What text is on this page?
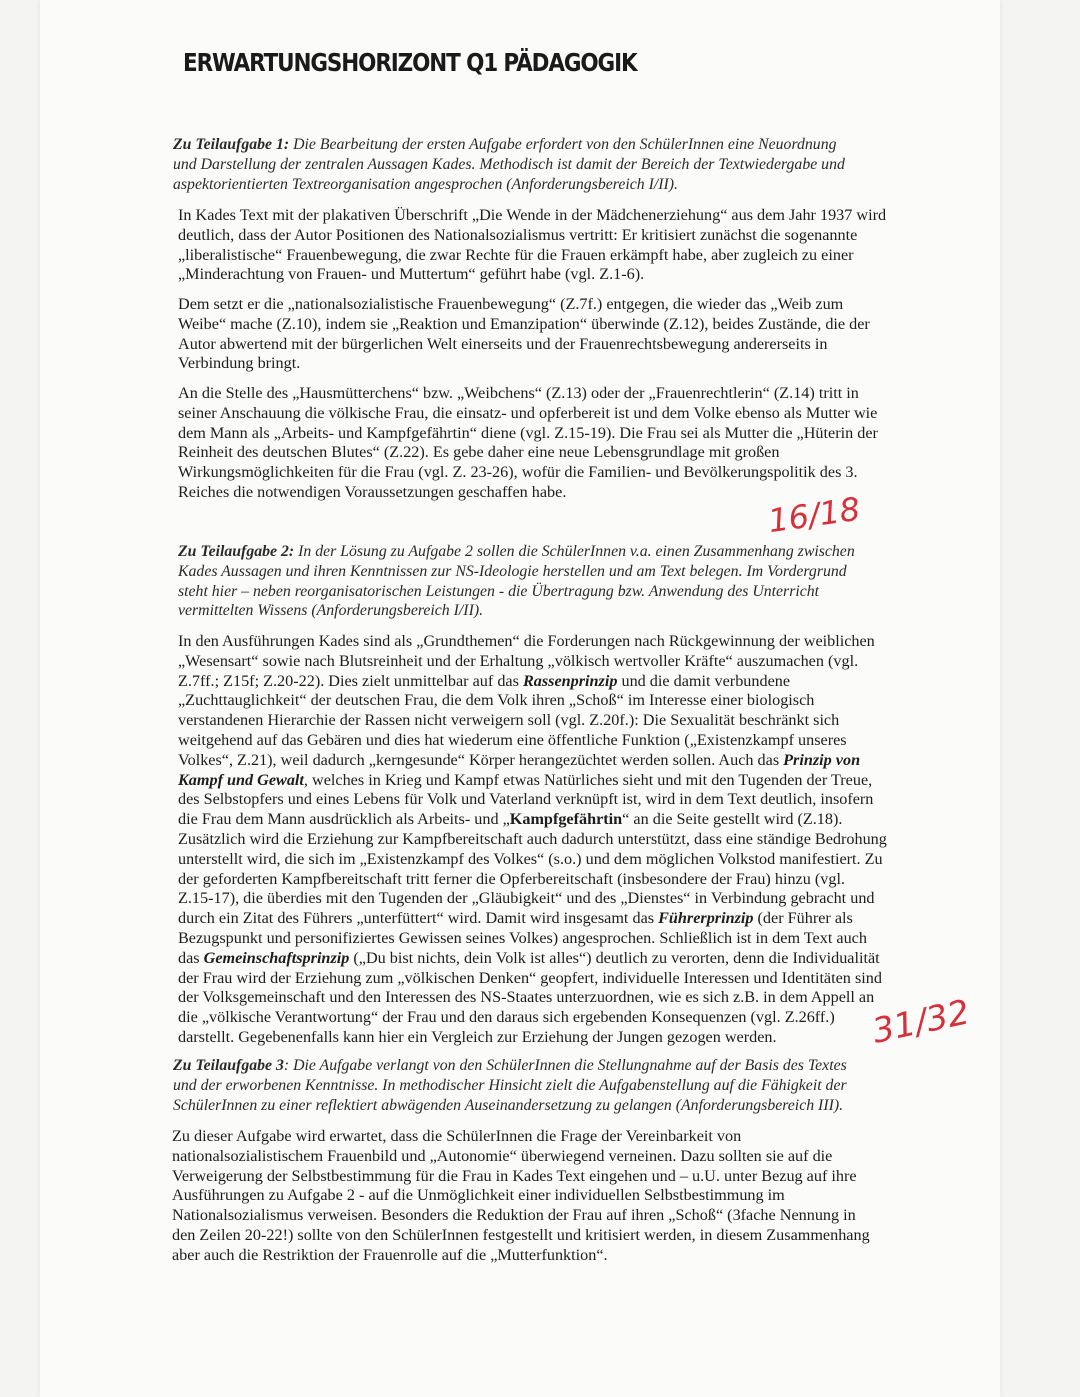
ERWARTUNGSHORIZONT Q1 PÄDAGOGIK
Zu Teilaufgabe 1: Die Bearbeitung der ersten Aufgabe erfordert von den SchülerInnen eine Neuordnung
und Darstellung der zentralen Aussagen Kades. Methodisch ist damit der Bereich der Textwiedergabe und
aspektorientierten Textreorganisation angesprochen (Anforderungsbereich I/II).
In Kades Text mit der plakativen Überschrift „Die Wende in der Mädchenerziehung“ aus dem Jahr 1937 wird
deutlich, dass der Autor Positionen des Nationalsozialismus vertritt: Er kritisiert zunächst die sogenannte
„liberalistische“ Frauenbewegung, die zwar Rechte für die Frauen erkämpft habe, aber zugleich zu einer
„Minderachtung von Frauen- und Muttertum“ geführt habe (vgl. Z.1-6).
Dem setzt er die „nationalsozialistische Frauenbewegung“ (Z.7f.) entgegen, die wieder das „Weib zum
Weibe“ mache (Z.10), indem sie „Reaktion und Emanzipation“ überwinde (Z.12), beides Zustände, die der
Autor abwertend mit der bürgerlichen Welt einerseits und der Frauenrechtsbewegung andererseits in
Verbindung bringt.
An die Stelle des „Hausmütterchens“ bzw. „Weibchens“ (Z.13) oder der „Frauenrechtlerin“ (Z.14) tritt in
seiner Anschauung die völkische Frau, die einsatz- und opferbereit ist und dem Volke ebenso als Mutter wie
dem Mann als „Arbeits- und Kampfgefährtin“ diene (vgl. Z.15-19). Die Frau sei als Mutter die „Hüterin der
Reinheit des deutschen Blutes“ (Z.22). Es gebe daher eine neue Lebensgrundlage mit großen
Wirkungsmöglichkeiten für die Frau (vgl. Z. 23-26), wofür die Familien- und Bevölkerungspolitik des 3.
Reiches die notwendigen Voraussetzungen geschaffen habe.
Zu Teilaufgabe 2: In der Lösung zu Aufgabe 2 sollen die SchülerInnen v.a. einen Zusammenhang zwischen
Kades Aussagen und ihren Kenntnissen zur NS-Ideologie herstellen und am Text belegen. Im Vordergrund
steht hier – neben reorganisatorischen Leistungen - die Übertragung bzw. Anwendung des Unterricht
vermittelten Wissens (Anforderungsbereich I/II).
In den Ausführungen Kades sind als „Grundthemen“ die Forderungen nach Rückgewinnung der weiblichen
„Wesensart“ sowie nach Blutsreinheit und der Erhaltung „völkisch wertvoller Kräfte“ auszumachen (vgl.
Z.7ff.; Z15f; Z.20-22). Dies zielt unmittelbar auf das Rassenprinzip und die damit verbundene
„Zuchttauglichkeit“ der deutschen Frau, die dem Volk ihren „Schoß“ im Interesse einer biologisch
verstandenen Hierarchie der Rassen nicht verweigern soll (vgl. Z.20f.): Die Sexualität beschränkt sich
weitgehend auf das Gebären und dies hat wiederum eine öffentliche Funktion („Existenzkampf unseres
Volkes“, Z.21), weil dadurch „kerngesunde“ Körper herangezüchtet werden sollen. Auch das Prinzip von
Kampf und Gewalt, welches in Krieg und Kampf etwas Natürliches sieht und mit den Tugenden der Treue,
des Selbstopfers und eines Lebens für Volk und Vaterland verknüpft ist, wird in dem Text deutlich, insofern
die Frau dem Mann ausdrücklich als Arbeits- und „Kampfgefährtin“ an die Seite gestellt wird (Z.18).
Zusätzlich wird die Erziehung zur Kampfbereitschaft auch dadurch unterstützt, dass eine ständige Bedrohung
unterstellt wird, die sich im „Existenzkampf des Volkes“ (s.o.) und dem möglichen Volkstod manifestiert. Zu
der geforderten Kampfbereitschaft tritt ferner die Opferbereitschaft (insbesondere der Frau) hinzu (vgl.
Z.15-17), die überdies mit den Tugenden der „Gläubigkeit“ und des „Dienstes“ in Verbindung gebracht und
durch ein Zitat des Führers „unterfüttert“ wird. Damit wird insgesamt das Führerprinzip (der Führer als
Bezugspunkt und personifiziertes Gewissen seines Volkes) angesprochen. Schließlich ist in dem Text auch
das Gemeinschaftsprinzip („Du bist nichts, dein Volk ist alles“) deutlich zu verorten, denn die Individualität
der Frau wird der Erziehung zum „völkischen Denken“ geopfert, individuelle Interessen und Identitäten sind
der Volksgemeinschaft und den Interessen des NS-Staates unterzuordnen, wie es sich z.B. in dem Appell an
die „völkische Verantwortung“ der Frau und den daraus sich ergebenden Konsequenzen (vgl. Z.26ff.)
darstellt. Gegebenenfalls kann hier ein Vergleich zur Erziehung der Jungen gezogen werden.
Zu Teilaufgabe 3: Die Aufgabe verlangt von den SchülerInnen die Stellungnahme auf der Basis des Textes
und der erworbenen Kenntnisse. In methodischer Hinsicht zielt die Aufgabenstellung auf die Fähigkeit der
SchülerInnen zu einer reflektiert abwägenden Auseinandersetzung zu gelangen (Anforderungsbereich III).
Zu dieser Aufgabe wird erwartet, dass die SchülerInnen die Frage der Vereinbarkeit von
nationalsozialistischem Frauenbild und „Autonomie“ überwiegend verneinen. Dazu sollten sie auf die
Verweigerung der Selbstbestimmung für die Frau in Kades Text eingehen und – u.U. unter Bezug auf ihre
Ausführungen zu Aufgabe 2 - auf die Unmöglichkeit einer individuellen Selbstbestimmung im
Nationalsozialismus verweisen. Besonders die Reduktion der Frau auf ihren „Schoß“ (3fache Nennung in
den Zeilen 20-22!) sollte von den SchülerInnen festgestellt und kritisiert werden, in diesem Zusammenhang
aber auch die Restriktion der Frauenrolle auf die „Mutterfunktion“.
16/18
31/32
